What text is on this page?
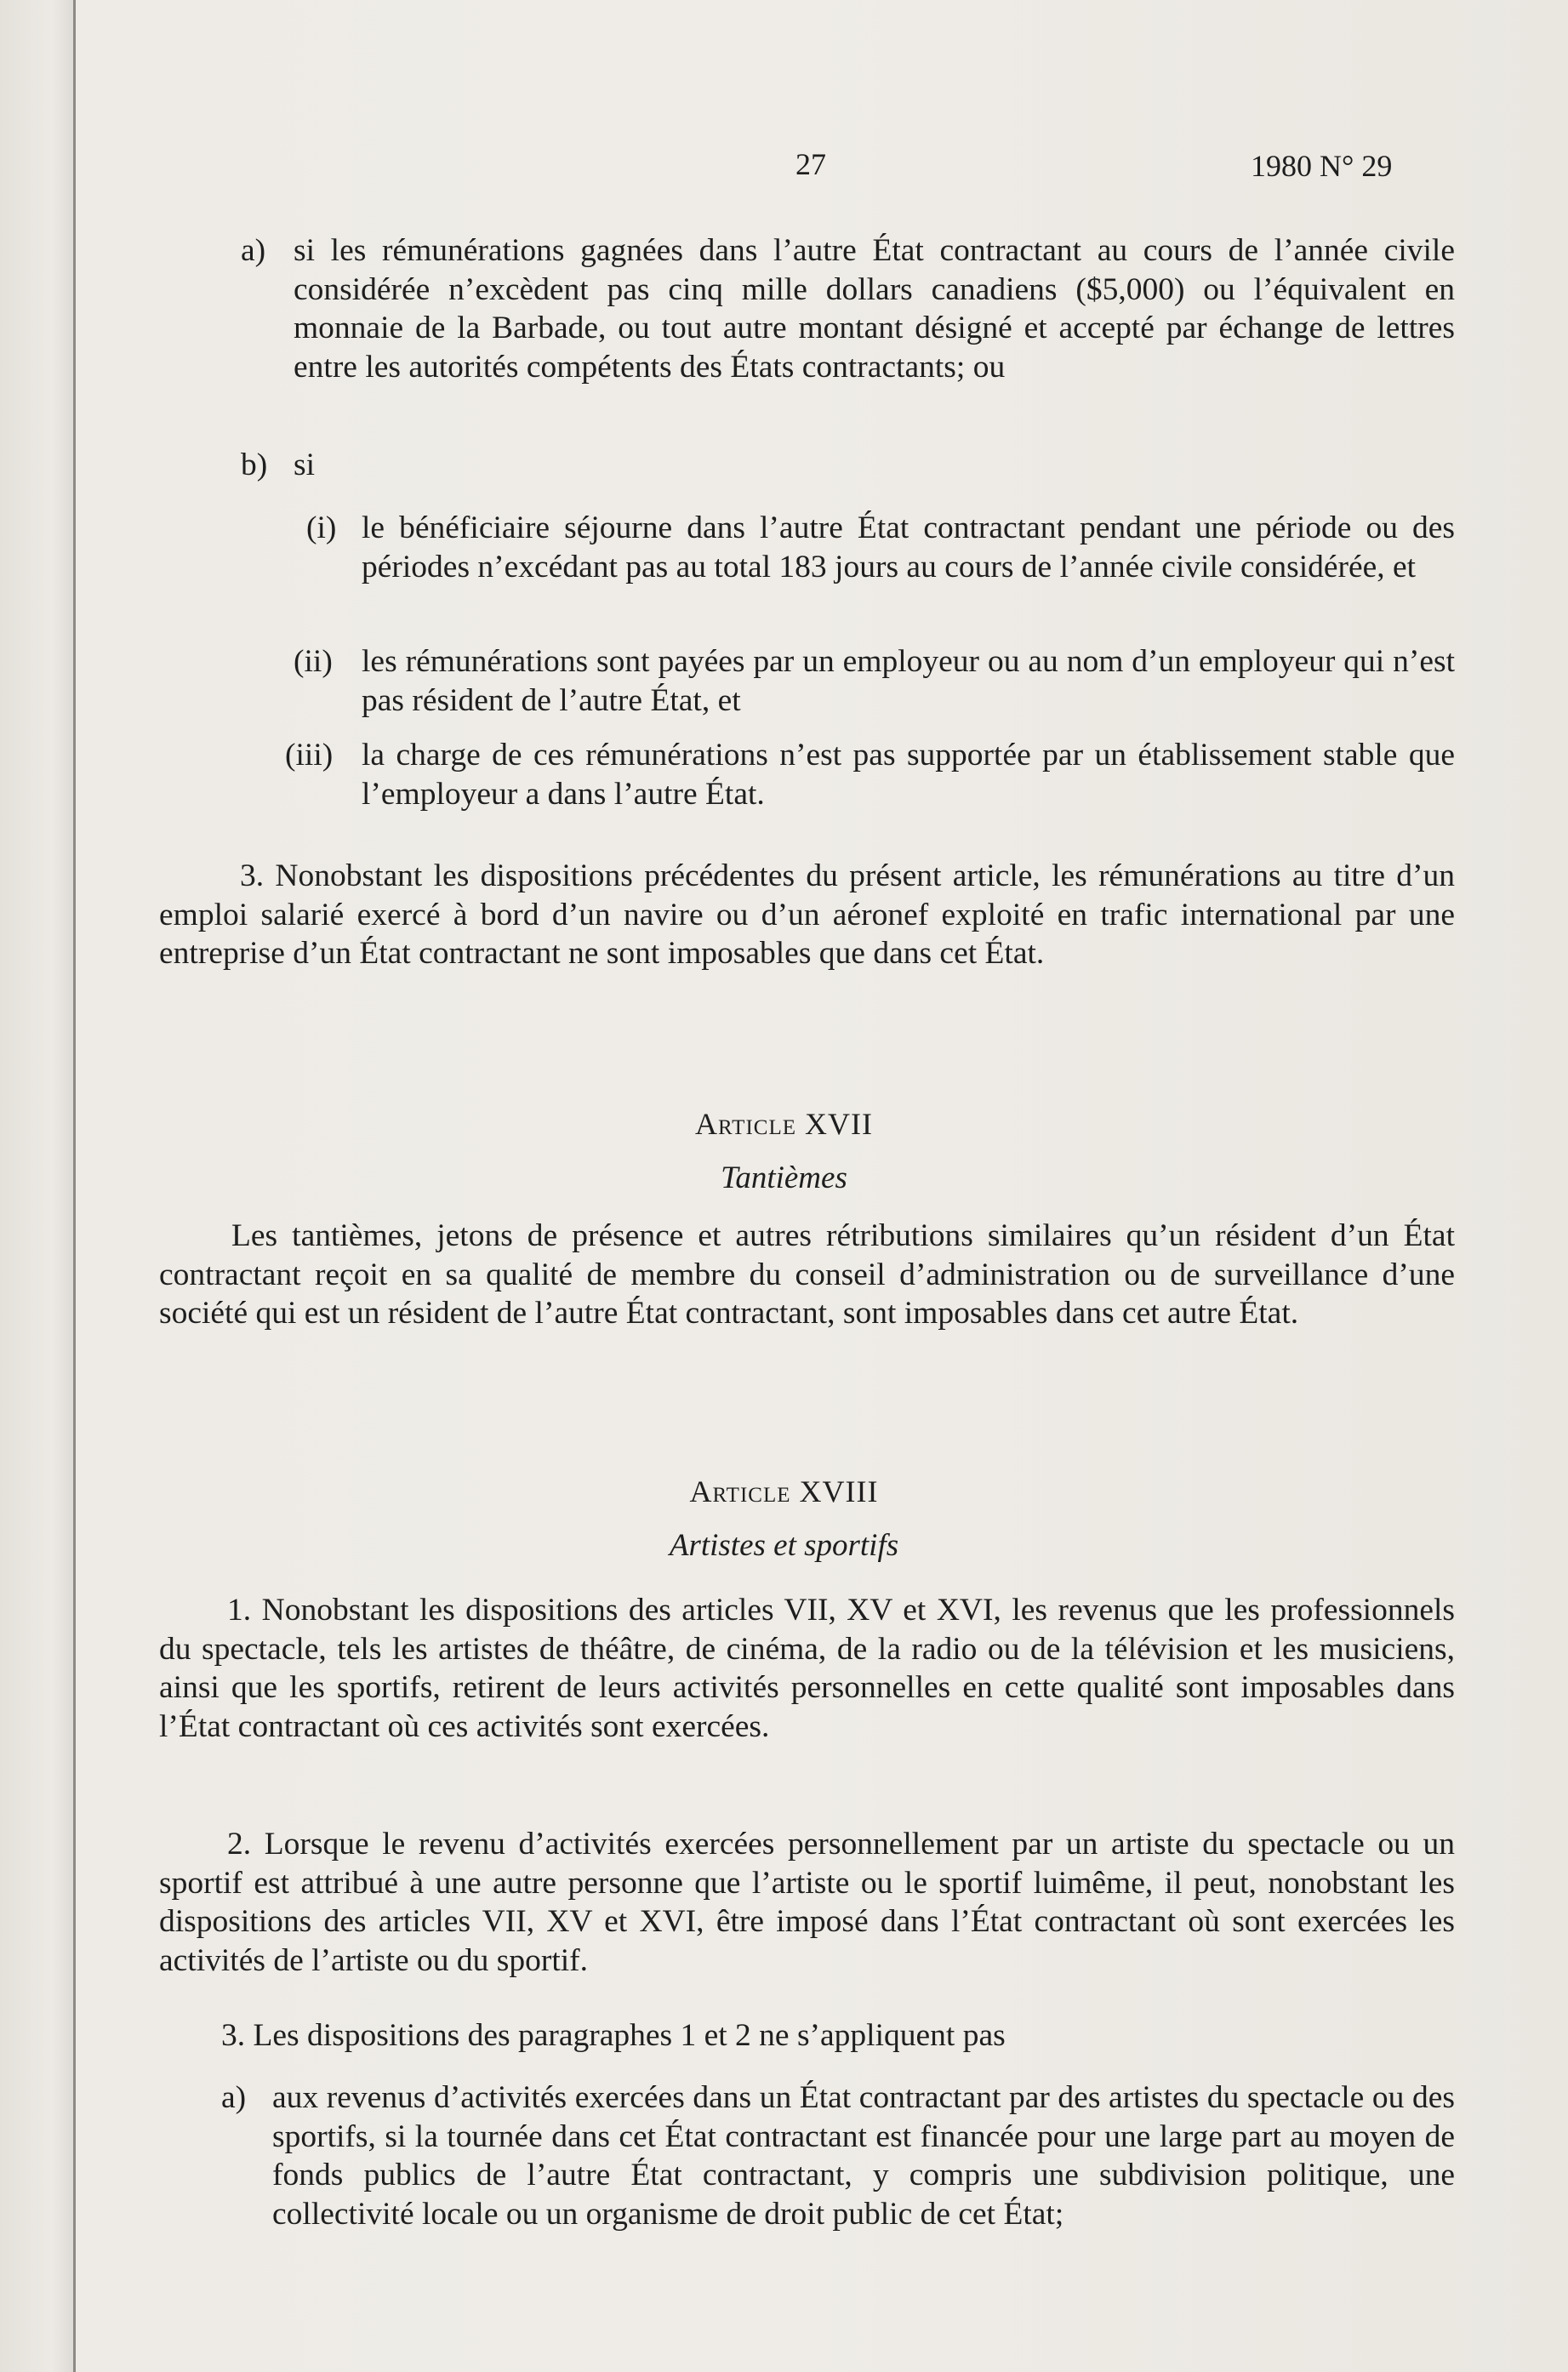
27	1980 N° 29
a) si les rémunérations gagnées dans l’autre État contractant au cours de l’année civile considérée n’excèdent pas cinq mille dollars canadiens ($5,000) ou l’équivalent en monnaie de la Barbade, ou tout autre montant désigné et accepté par échange de lettres entre les autorités compétents des États contractants; ou
b) si
(i) le bénéficiaire séjourne dans l’autre État contractant pendant une période ou des périodes n’excédant pas au total 183 jours au cours de l’année civile considérée, et
(ii) les rémunérations sont payées par un employeur ou au nom d’un employeur qui n’est pas résident de l’autre État, et
(iii) la charge de ces rémunérations n’est pas supportée par un établissement stable que l’employeur a dans l’autre État.
3. Nonobstant les dispositions précédentes du présent article, les rémunérations au titre d’un emploi salarié exercé à bord d’un navire ou d’un aéronef exploité en trafic international par une entreprise d’un État contractant ne sont imposables que dans cet État.
Article XVII
Tantièmes
Les tantièmes, jetons de présence et autres rétributions similaires qu’un résident d’un État contractant reçoit en sa qualité de membre du conseil d’administration ou de surveillance d’une société qui est un résident de l’autre État contractant, sont imposables dans cet autre État.
Article XVIII
Artistes et sportifs
1. Nonobstant les dispositions des articles VII, XV et XVI, les revenus que les professionnels du spectacle, tels les artistes de théâtre, de cinéma, de la radio ou de la télévision et les musiciens, ainsi que les sportifs, retirent de leurs activités personnelles en cette qualité sont imposables dans l’État contractant où ces activités sont exercées.
2. Lorsque le revenu d’activités exercées personnellement par un artiste du spectacle ou un sportif est attribué à une autre personne que l’artiste ou le sportif luimême, il peut, nonobstant les dispositions des articles VII, XV et XVI, être imposé dans l’État contractant où sont exercées les activités de l’artiste ou du sportif.
3. Les dispositions des paragraphes 1 et 2 ne s’appliquent pas
a) aux revenus d’activités exercées dans un État contractant par des artistes du spectacle ou des sportifs, si la tournée dans cet État contractant est financée pour une large part au moyen de fonds publics de l’autre État contractant, y compris une subdivision politique, une collectivité locale ou un organisme de droit public de cet État;
